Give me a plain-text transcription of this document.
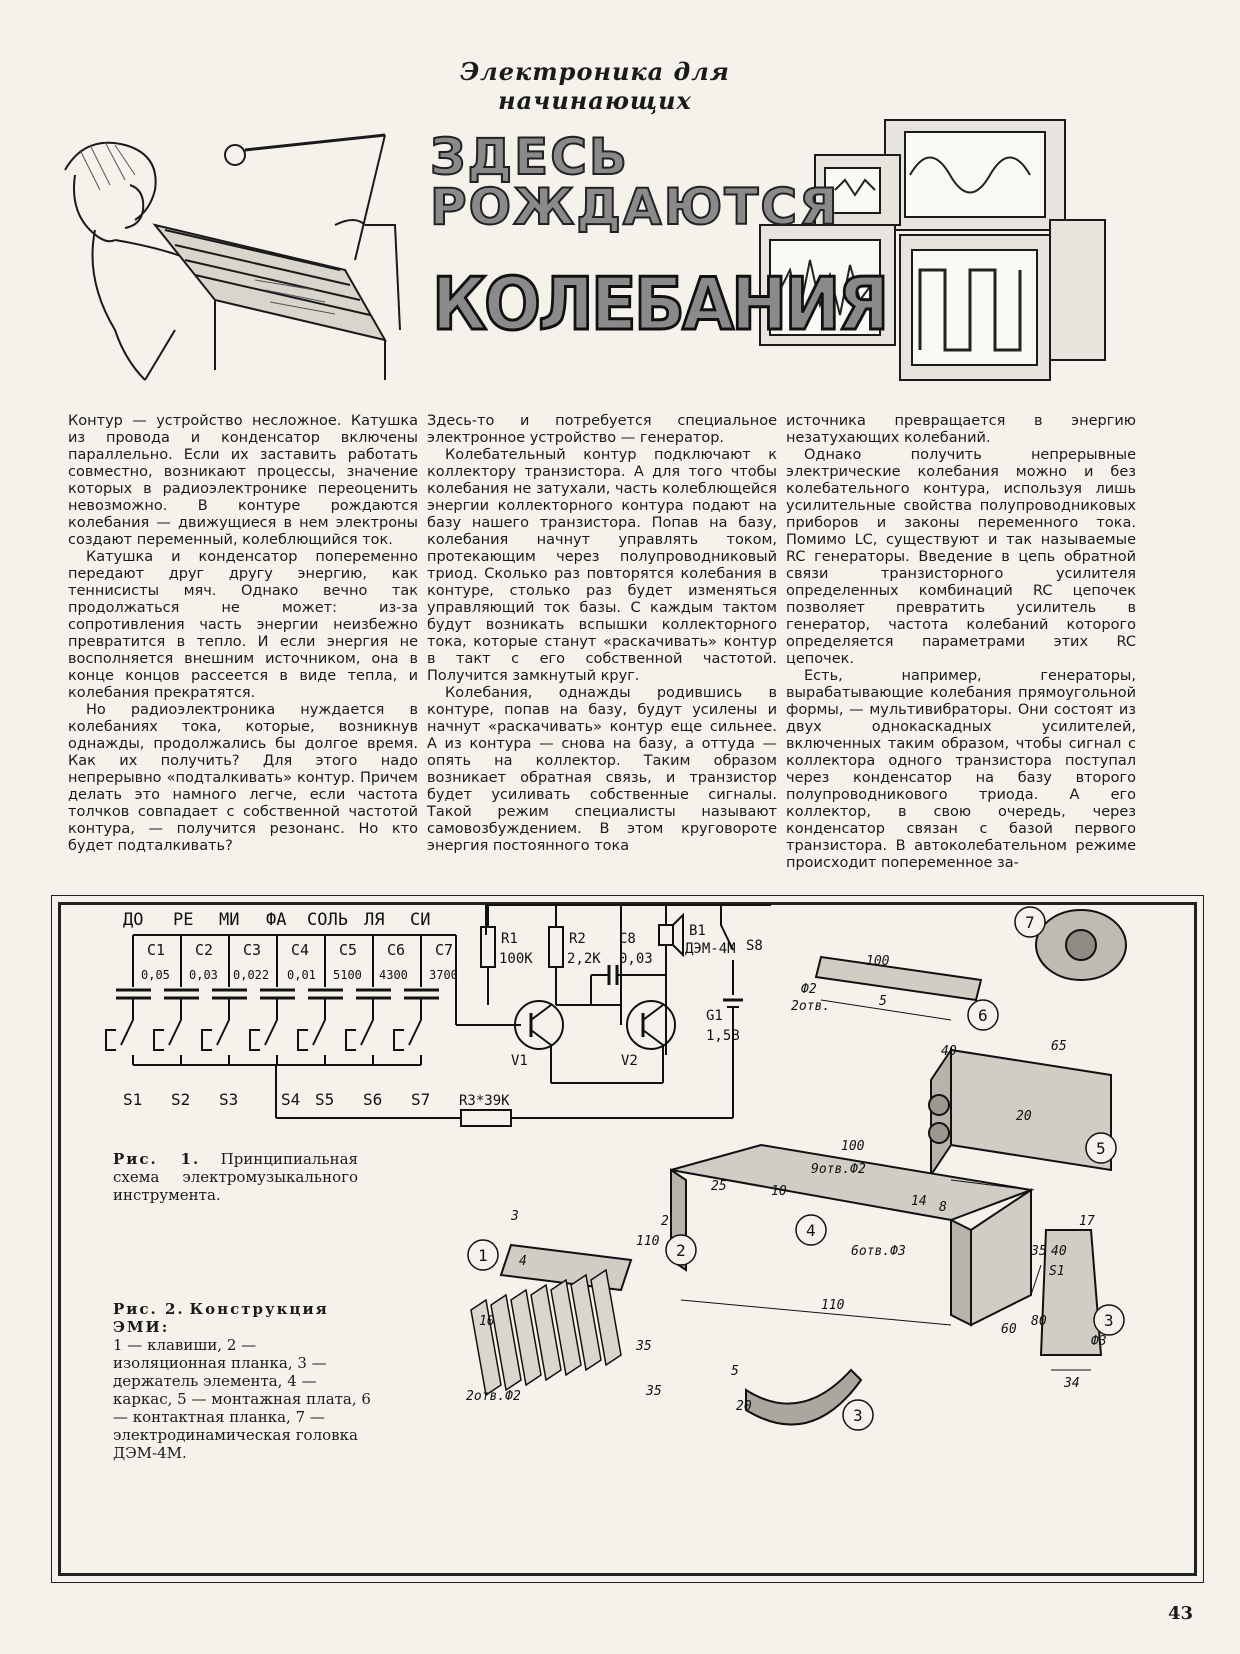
Электроника для начинающих
ЗДЕСЬ
РОЖДАЮТСЯ
КОЛЕБАНИЯ

Контур — устройство несложное. Катушка из провода и конденсатор включены параллельно. Если их заставить работать совместно, возникают процессы, значение которых в радиоэлектронике переоценить невозможно. В контуре рождаются колебания — движущиеся в нем электроны создают переменный, колеблющийся ток.

Катушка и конденсатор попеременно передают друг другу энергию, как теннисисты мяч. Однако вечно так продолжаться не может: из-за сопротивления часть энергии неизбежно превратится в тепло. И если энергия не восполняется внешним источником, она в конце концов рассеется в виде тепла, и колебания прекратятся.

Но радиоэлектроника нуждается в колебаниях тока, которые, возникнув однажды, продолжались бы долгое время. Как их получить? Для этого надо непрерывно «подталкивать» контур. Причем делать это намного легче, если частота толчков совпадает с собственной частотой контура, — получится резонанс. Но кто будет подталкивать?

Здесь-то и потребуется специальное электронное устройство — генератор.

Колебательный контур подключают к коллектору транзистора. А для того чтобы колебания не затухали, часть колеблющейся энергии коллекторного контура подают на базу нашего транзистора. Попав на базу, колебания начнут управлять током, протекающим через полупроводниковый триод. Сколько раз повторятся колебания в контуре, столько раз будет изменяться управляющий ток базы. С каждым тактом будут возникать вспышки коллекторного тока, которые станут «раскачивать» контур в такт с его собственной частотой. Получится замкнутый круг.

Колебания, однажды родившись в контуре, попав на базу, будут усилены и начнут «раскачивать» контур еще сильнее. А из контура — снова на базу, а оттуда — опять на коллектор. Таким образом возникает обратная связь, и транзистор будет усиливать собственные сигналы. Такой режим специалисты называют самовозбуждением. В этом круговороте энергия постоянного тока

источника превращается в энергию незатухающих колебаний.

Однако получить непрерывные электрические колебания можно и без колебательного контура, используя лишь усилительные свойства полупроводниковых приборов и законы переменного тока. Помимо LC, существуют и так называемые RC генераторы. Введение в цепь обратной связи транзисторного усилителя определенных комбинаций RC цепочек позволяет превратить усилитель в генератор, частота колебаний которого определяется параметрами этих RC цепочек.

Есть, например, генераторы, вырабатывающие колебания прямоугольной формы, — мультивибраторы. Они состоят из двух однокаскадных усилителей, включенных таким образом, чтобы сигнал с коллектора одного транзистора поступал через конденсатор на базу второго полупроводникового триода. А его коллектор, в свою очередь, через конденсатор связан с базой первого транзистора. В автоколебательном режиме происходит попеременное за-

ДО РЕ МИ ФА СОЛЬ ЛЯ СИ
C1 C2 C3 C4 C5 C6 C7
0,05 0,03 0,022 0,01 5100 4300 3700
S1 S2 S3	S4 S5 S6 S7
R1
100К
R2
2,2К
C8
0,03
B1
ДЭМ-4М S8
G1
1,5В
V1	V2
R3*39К
Рис. 1. Принципиальная схема электромузыкального инструмента.
Рис. 2. Конструкция ЭМИ:
1 — клавиши, 2 — изоляционная планка, 3 — держатель элемента, 4 — каркас, 5 — монтажная плата, 6 — контактная планка, 7 — электродинамическая головка ДЭМ-4М.
100
Ф2
2отв.	5
40	65
20
100
9отв.Ф2
25	10
14 8
2
6отв.Ф3	35 40
110
60
3
110
4
35
35
10
2отв.Ф2
5
20
17
S1
80
Ф3
34
7
6
5
4
1	2
3
3
43
